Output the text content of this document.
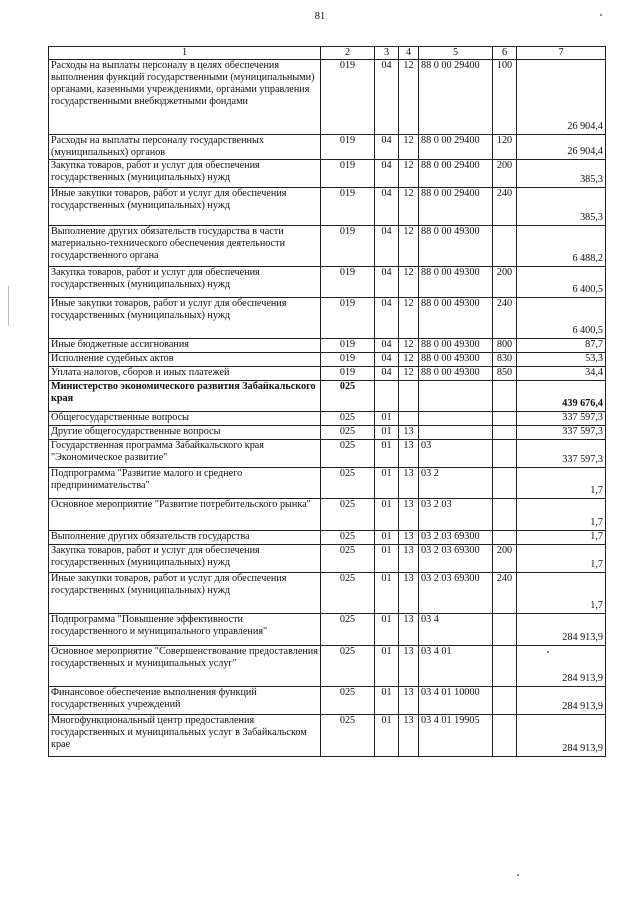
81
1	2	3	4	5	6	7
Расходы на выплаты персоналу в целях обеспечения выполнения функций государственными (муниципальными) органами, казенными учреждениями, органами управления государственными внебюджетными фондами	019	04	12	88 0 00 29400	100	26 904,4
Расходы на выплаты персоналу государственных (муниципальных) органов	019	04	12	88 0 00 29400	120	26 904,4
Закупка товаров, работ и услуг для обеспечения государственных (муниципальных) нужд	019	04	12	88 0 00 29400	200	385,3
Иные закупки товаров, работ и услуг для обеспечения государственных (муниципальных) нужд	019	04	12	88 0 00 29400	240	385,3
Выполнение других обязательств государства в части материально-технического обеспечения деятельности государственного органа	019	04	12	88 0 00 49300		6 488,2
Закупка товаров, работ и услуг для обеспечения государственных (муниципальных) нужд	019	04	12	88 0 00 49300	200	6 400,5
Иные закупки товаров, работ и услуг для обеспечения государственных (муниципальных) нужд	019	04	12	88 0 00 49300	240	6 400,5
Иные бюджетные ассигнования	019	04	12	88 0 00 49300	800	87,7
Исполнение судебных актов	019	04	12	88 0 00 49300	830	53,3
Уплата налогов, сборов и иных платежей	019	04	12	88 0 00 49300	850	34,4
Министерство экономического развития Забайкальского края	025					439 676,4
Общегосударственные вопросы	025	01				337 597,3
Другие общегосударственные вопросы	025	01	13			337 597,3
Государственная программа Забайкальского края "Экономическое развитие"	025	01	13	03		337 597,3
Подпрограмма "Развитие малого и среднего предпринимательства"	025	01	13	03 2		1,7
Основное мероприятие "Развитие потребительского рынка"	025	01	13	03 2 03		1,7
Выполнение других обязательств государства	025	01	13	03 2 03 69300		1,7
Закупка товаров, работ и услуг для обеспечения государственных (муниципальных) нужд	025	01	13	03 2 03 69300	200	1,7
Иные закупки товаров, работ и услуг для обеспечения государственных (муниципальных) нужд	025	01	13	03 2 03 69300	240	1,7
Подпрограмма "Повышение эффективности государственного и муниципального управления"	025	01	13	03 4		284 913,9
Основное мероприятие "Совершенствование предоставления государственных и муниципальных услуг"	025	01	13	03 4 01		284 913,9
Финансовое обеспечение выполнения функций государственных учреждений	025	01	13	03 4 01 10000		284 913,9
Многофункциональный центр предоставления государственных и муниципальных услуг в Забайкальском крае	025	01	13	03 4 01 19905		284 913,9
